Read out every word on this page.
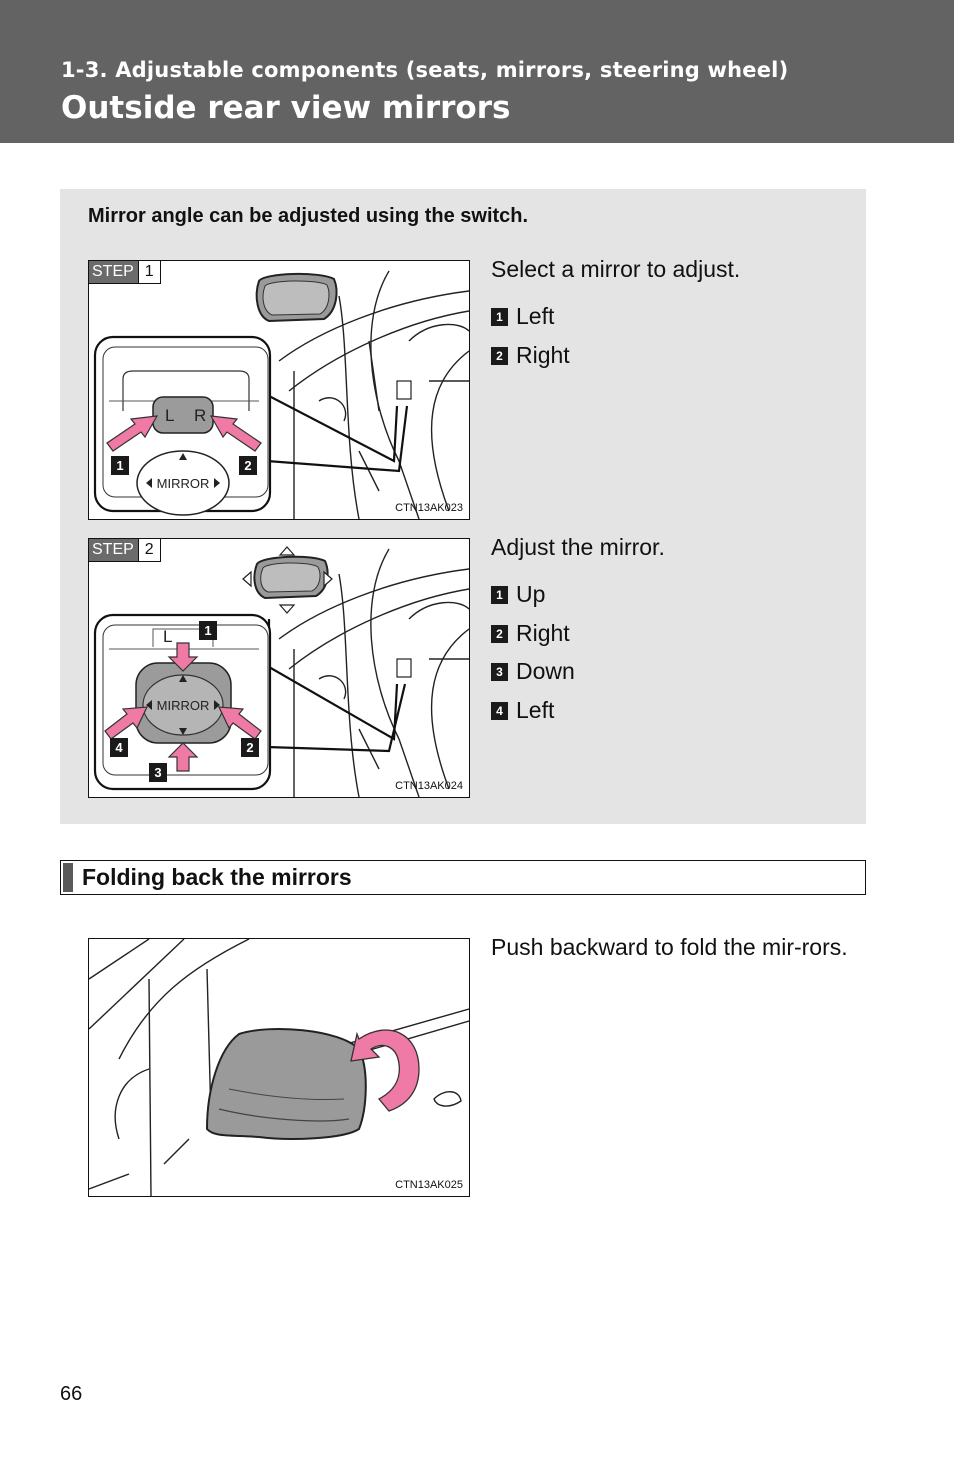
1-3. Adjustable components (seats, mirrors, steering wheel)
Outside rear view mirrors
Mirror angle can be adjusted using the switch.
L R
MIRROR
1	2
STEP 1
CTN13AK023
Select a mirror to adjust.
1 Left
2 Right
L
MIRROR
1
2
3
4
STEP 2
CTN13AK024
Adjust the mirror.
1 Up
2 Right
3 Down
4 Left
Folding back the mirrors
CTN13AK025
Push backward to fold the mir-rors.
66
